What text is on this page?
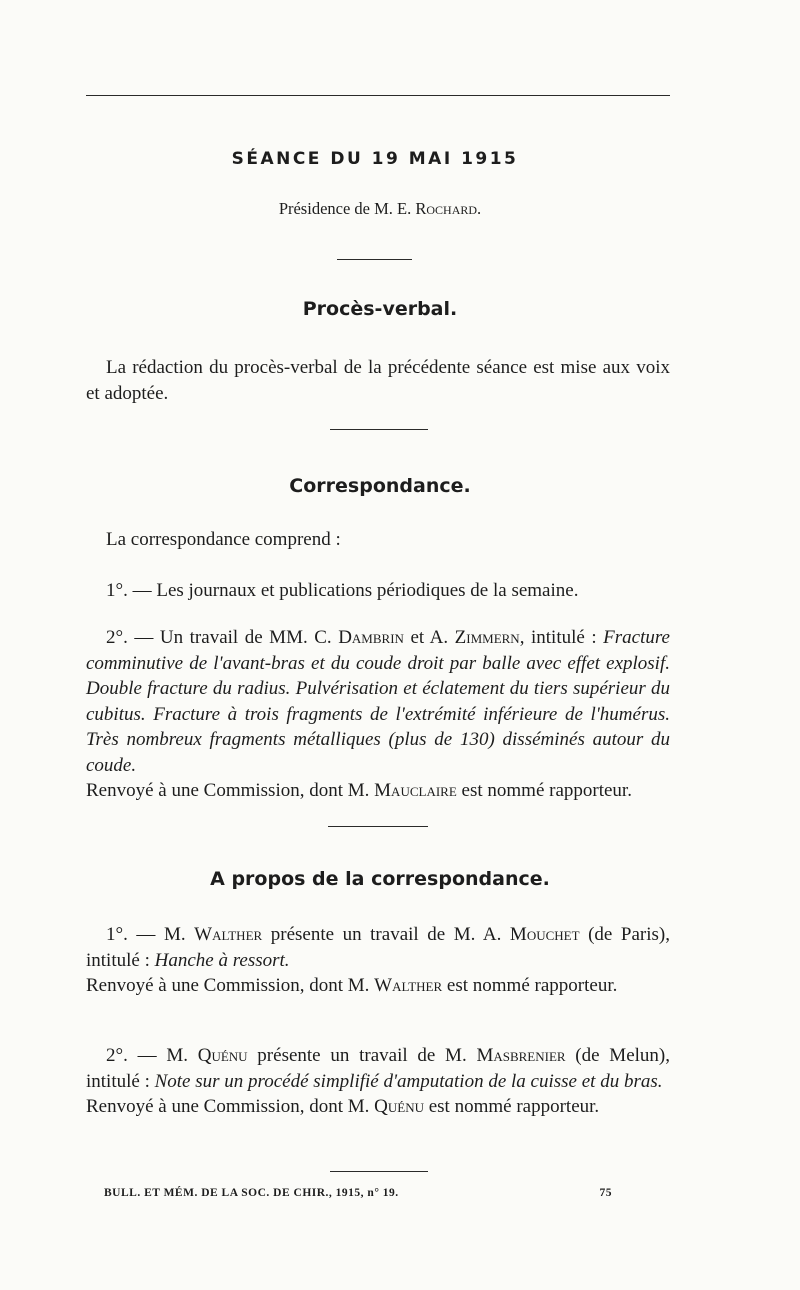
SÉANCE DU 19 MAI 1915
Présidence de M. E. Rochard.
Procès-verbal.
La rédaction du procès-verbal de la précédente séance est mise aux voix et adoptée.
Correspondance.
La correspondance comprend :
1°. — Les journaux et publications périodiques de la semaine.
2°. — Un travail de MM. C. Dambrin et A. Zimmern, intitulé : Fracture comminutive de l'avant-bras et du coude droit par balle avec effet explosif. Double fracture du radius. Pulvérisation et éclatement du tiers supérieur du cubitus. Fracture à trois fragments de l'extrémité inférieure de l'humérus. Très nombreux fragments métalliques (plus de 130) disséminés autour du coude.
Renvoyé à une Commission, dont M. Mauclaire est nommé rapporteur.
A propos de la correspondance.
1°. — M. Walther présente un travail de M. A. Mouchet (de Paris), intitulé : Hanche à ressort.
Renvoyé à une Commission, dont M. Walther est nommé rapporteur.
2°. — M. Quénu présente un travail de M. Masbrenier (de Melun), intitulé : Note sur un procédé simplifié d'amputation de la cuisse et du bras.
Renvoyé à une Commission, dont M. Quénu est nommé rapporteur.
BULL. ET MÉM. DE LA SOC. DE CHIR., 1915, n° 19.	75
